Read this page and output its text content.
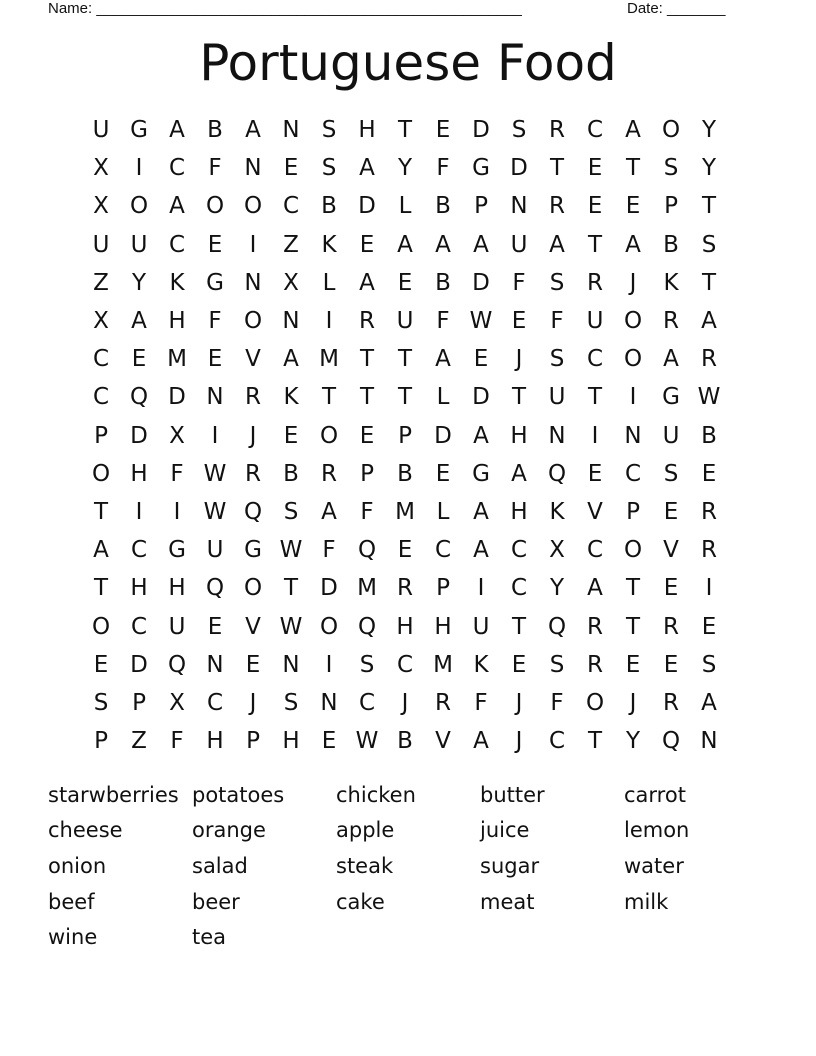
Name: ___________________________________________________	Date: _______
Portuguese Food
U G A B A N S H T	E D S R C A O Y
X	I	C	F N E	S A	Y	F G D T	E	T	S	Y
X O A O O C B D L	B	P N R E	E	P	T
U U C E	I	Z K	E A A A U A	T	A B S
Z	Y	K G N X	L	A E B D F	S R	J	K	T
X A H F O N	I	R U F W E	F U O R A
C E M E V A M T	T	A E	J	S C O A R
C Q D N R K	T	T	T	L D T U T	I	G W
P D X	I	J	E O E	P D A H N	I	N U B
O H F W R B R	P	B E G A Q E C S	E
T	I	I	W Q S A	F M L	A H K V	P	E R
A C G U G W F Q E C A C X C O V R
T H H Q O T D M R	P	I	C Y	A	T	E	I
O C U E V W O Q H H U T Q R T R E
E D Q N E N	I	S C M K	E	S R E	E	S
S	P	X C	J	S N C	J	R	F	J	F O	J	R A
P	Z	F H P H E W B V A	J	C T	Y Q N
starwberries potatoes	chicken	butter	carrot
cheese	orange	apple	juice	lemon
onion	salad	steak	sugar	water
beef	beer	cake	meat	milk
wine	tea
